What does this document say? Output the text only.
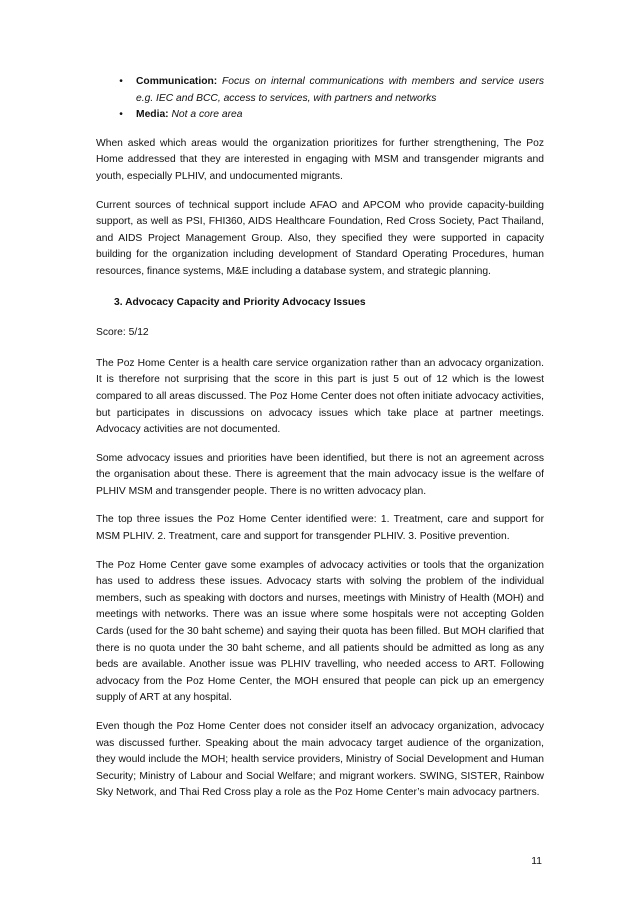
•	Communication: Focus on internal communications with members and service users e.g. IEC and BCC, access to services, with partners and networks
•	Media: Not a core area

When asked which areas would the organization prioritizes for further strengthening, The Poz Home addressed that they are interested in engaging with MSM and transgender migrants and youth, especially PLHIV, and undocumented migrants.

Current sources of technical support include AFAO and APCOM who provide capacity-building support, as well as PSI, FHI360, AIDS Healthcare Foundation, Red Cross Society, Pact Thailand, and AIDS Project Management Group. Also, they specified they were supported in capacity building for the organization including development of Standard Operating Procedures, human resources, finance systems, M&E including a database system, and strategic planning.

3. Advocacy Capacity and Priority Advocacy Issues

Score: 5/12

The Poz Home Center is a health care service organization rather than an advocacy organization. It is therefore not surprising that the score in this part is just 5 out of 12 which is the lowest compared to all areas discussed. The Poz Home Center does not often initiate advocacy activities, but participates in discussions on advocacy issues which take place at partner meetings. Advocacy activities are not documented.

Some advocacy issues and priorities have been identified, but there is not an agreement across the organisation about these. There is agreement that the main advocacy issue is the welfare of PLHIV MSM and transgender people. There is no written advocacy plan.

The top three issues the Poz Home Center identified were: 1. Treatment, care and support for MSM PLHIV. 2. Treatment, care and support for transgender PLHIV. 3. Positive prevention.

The Poz Home Center gave some examples of advocacy activities or tools that the organization has used to address these issues. Advocacy starts with solving the problem of the individual members, such as speaking with doctors and nurses, meetings with Ministry of Health (MOH) and meetings with networks. There was an issue where some hospitals were not accepting Golden Cards (used for the 30 baht scheme) and saying their quota has been filled. But MOH clarified that there is no quota under the 30 baht scheme, and all patients should be admitted as long as any beds are available. Another issue was PLHIV travelling, who needed access to ART. Following advocacy from the Poz Home Center, the MOH ensured that people can pick up an emergency supply of ART at any hospital.

Even though the Poz Home Center does not consider itself an advocacy organization, advocacy was discussed further. Speaking about the main advocacy target audience of the organization, they would include the MOH; health service providers, Ministry of Social Development and Human Security; Ministry of Labour and Social Welfare; and migrant workers. SWING, SISTER, Rainbow Sky Network, and Thai Red Cross play a role as the Poz Home Center’s main advocacy partners.

11
